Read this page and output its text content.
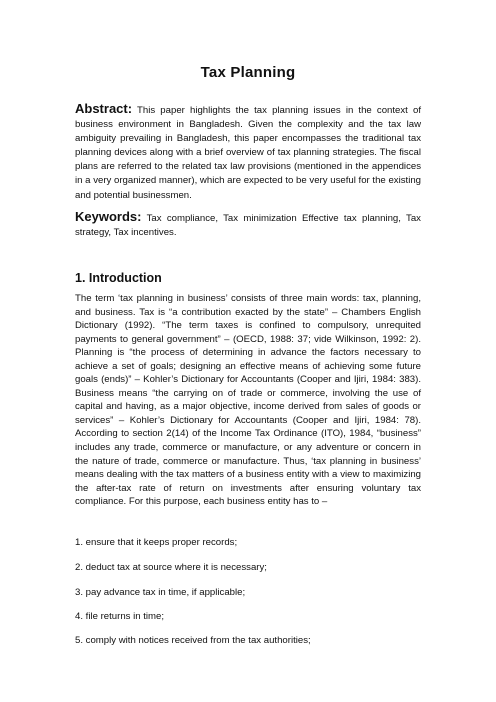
Tax Planning

Abstract: This paper highlights the tax planning issues in the context of business environment in Bangladesh. Given the complexity and the tax law ambiguity prevailing in Bangladesh, this paper encompasses the traditional tax planning devices along with a brief overview of tax planning strategies. The fiscal plans are referred to the related tax law provisions (mentioned in the appendices in a very organized manner), which are expected to be very useful for the existing and potential businessmen.

Keywords: Tax compliance, Tax minimization Effective tax planning, Tax strategy, Tax incentives.

1. Introduction

The term ‘tax planning in business’ consists of three main words: tax, planning, and business. Tax is “a contribution exacted by the state” – Chambers English Dictionary (1992). “The term taxes is confined to compulsory, unrequited payments to general government” – (OECD, 1988: 37; vide Wilkinson, 1992: 2). Planning is “the process of determining in advance the factors necessary to achieve a set of goals; designing an effective means of achieving some future goals (ends)” – Kohler’s Dictionary for Accountants (Cooper and Ijiri, 1984: 383). Business means “the carrying on of trade or commerce, involving the use of capital and having, as a major objective, income derived from sales of goods or services” – Kohler’s Dictionary for Accountants (Cooper and Ijiri, 1984: 78). According to section 2(14) of the Income Tax Ordinance (ITO), 1984, “business” includes any trade, commerce or manufacture, or any adventure or concern in the nature of trade, commerce or manufacture. Thus, ‘tax planning in business’ means dealing with the tax matters of a business entity with a view to maximizing the after-tax rate of return on investments after ensuring voluntary tax compliance. For this purpose, each business entity has to –

1. ensure that it keeps proper records;
2. deduct tax at source where it is necessary;
3. pay advance tax in time, if applicable;
4. file returns in time;
5. comply with notices received from the tax authorities;
